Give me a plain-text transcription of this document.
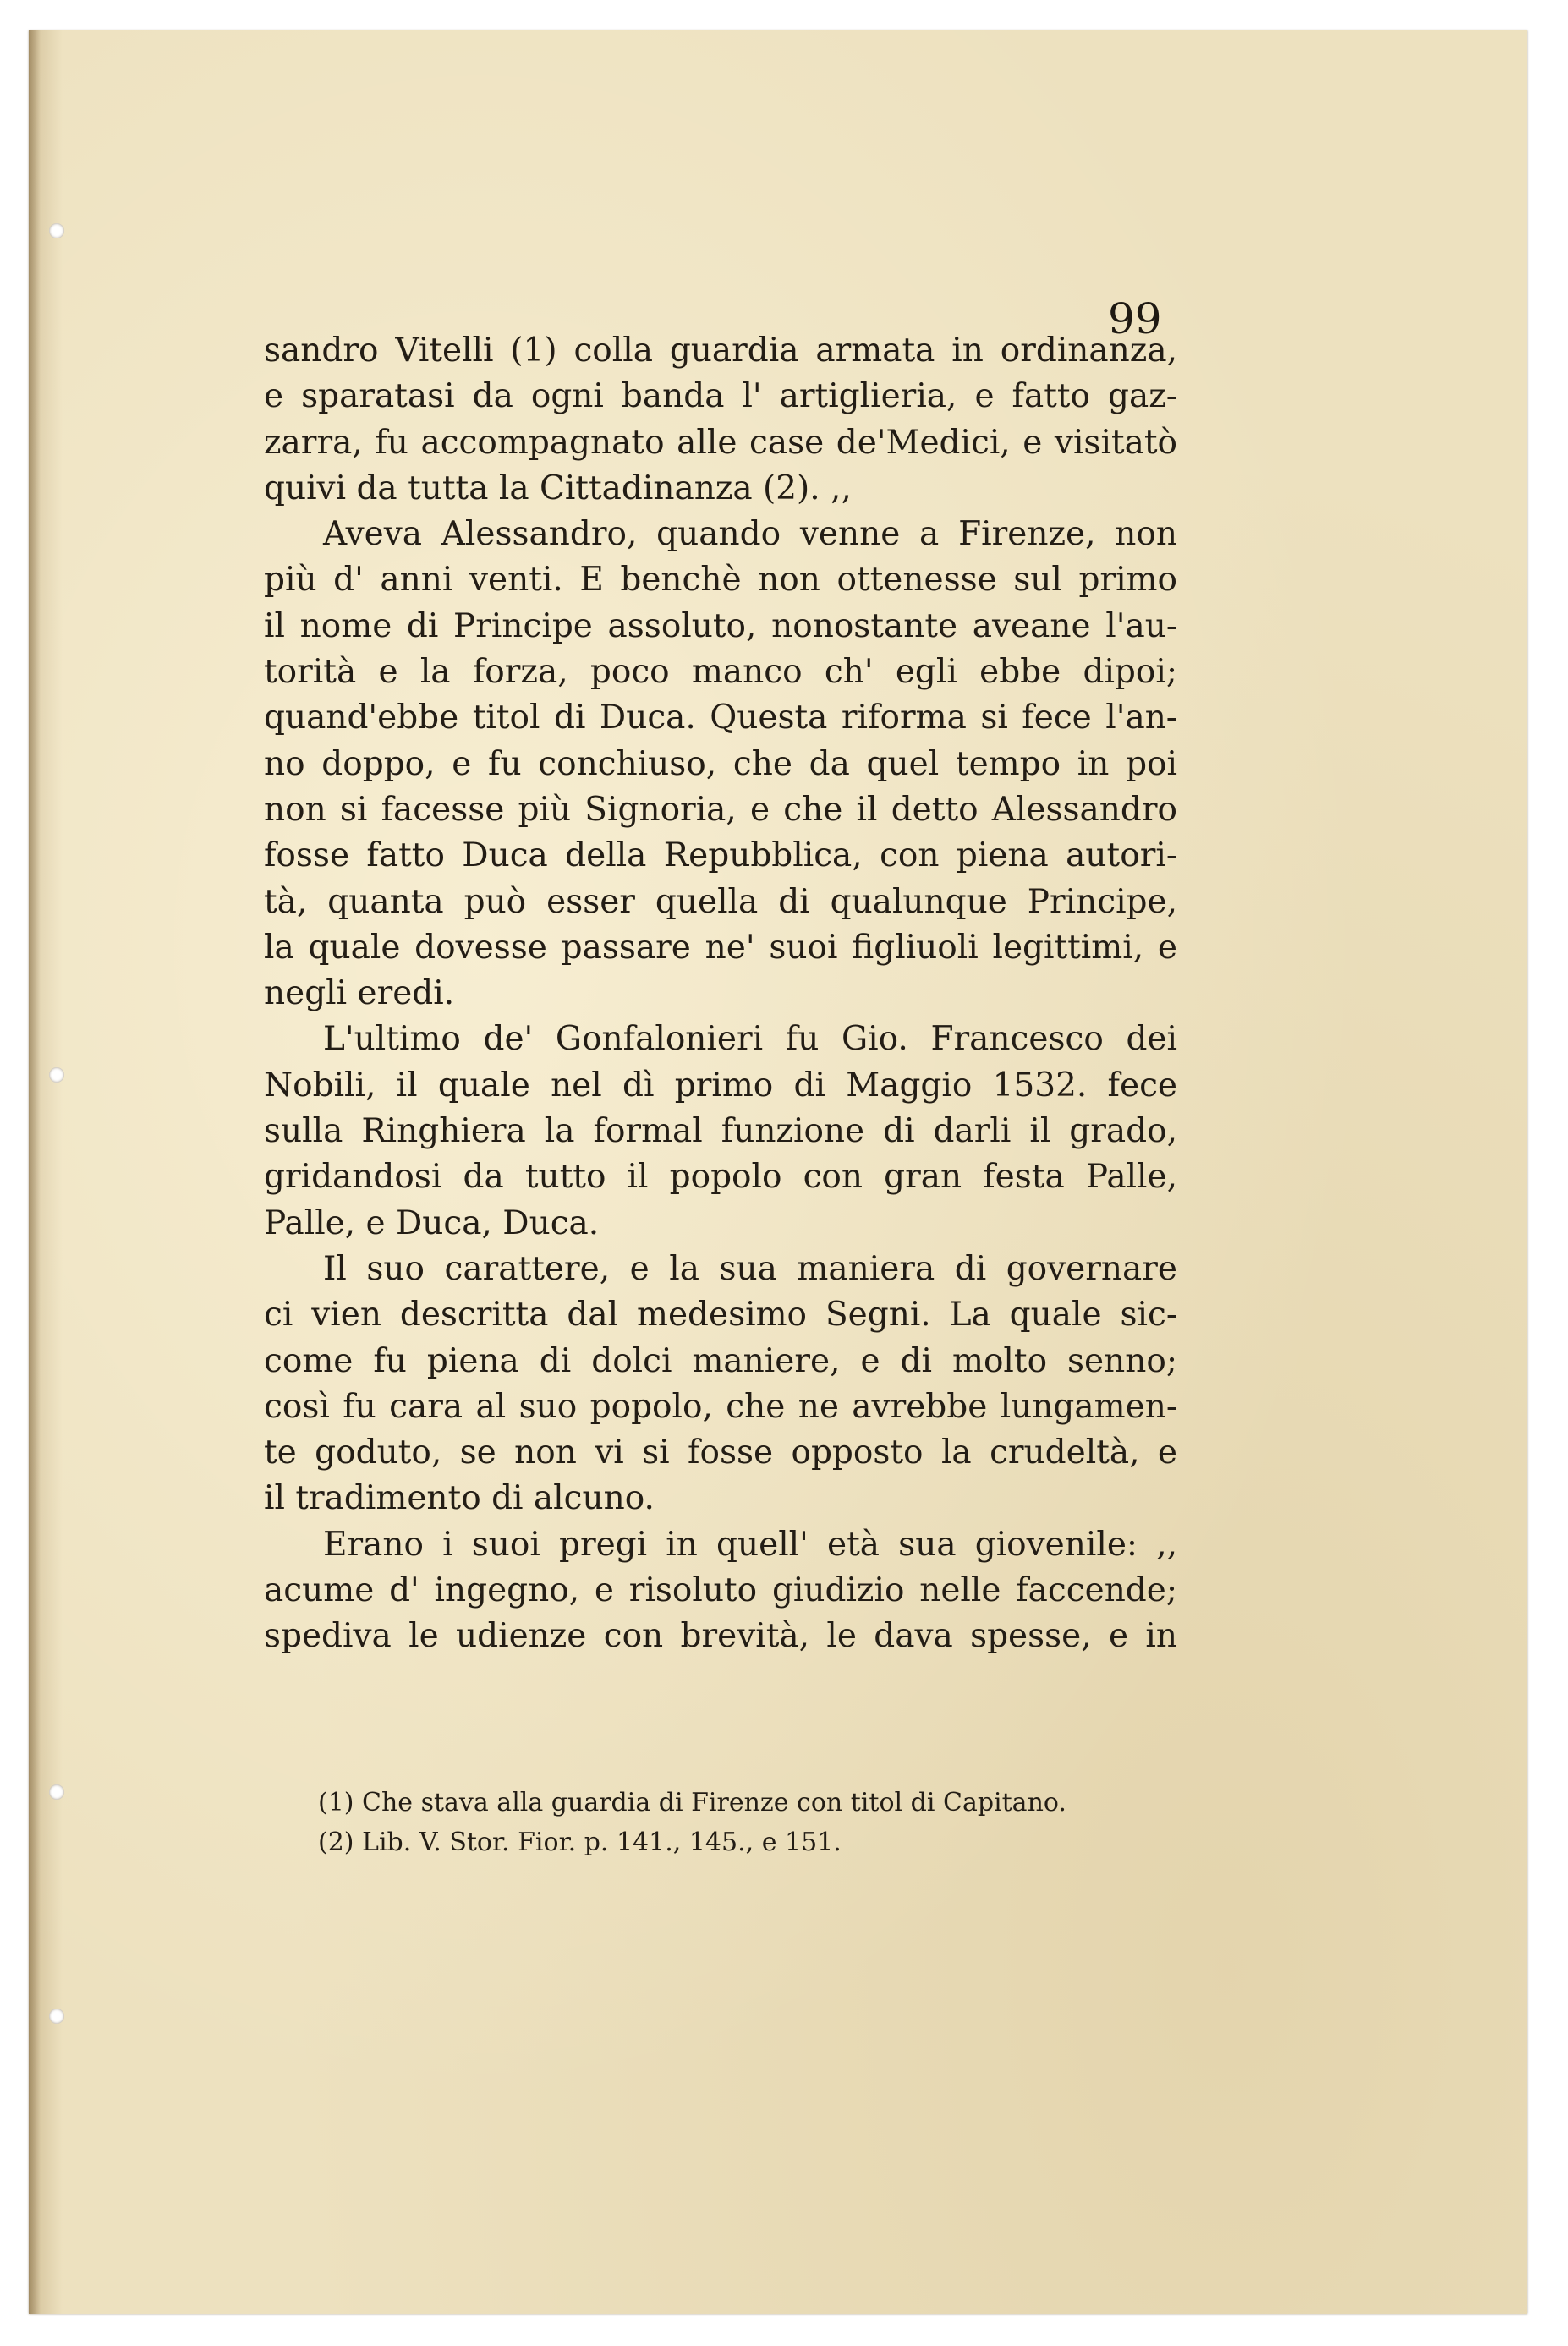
99

sandro Vitelli (1) colla guardia armata in ordinanza,
e sparatasi da ogni banda l' artiglieria, e fatto gaz-
zarra, fu accompagnato alle case de'Medici, e visitatò
quivi da tutta la Cittadinanza (2). ,,

Aveva Alessandro, quando venne a Firenze, non
più d' anni venti. E benchè non ottenesse sul primo
il nome di Principe assoluto, nonostante aveane l'au-
torità e la forza, poco manco ch' egli ebbe dipoi;
quand'ebbe titol di Duca. Questa riforma si fece l'an-
no doppo, e fu conchiuso, che da quel tempo in poi
non si facesse più Signoria, e che il detto Alessandro
fosse fatto Duca della Repubblica, con piena autori-
tà, quanta può esser quella di qualunque Principe,
la quale dovesse passare ne' suoi figliuoli legittimi, e
negli eredi.

L'ultimo de' Gonfalonieri fu Gio. Francesco dei
Nobili, il quale nel dì primo di Maggio 1532. fece
sulla Ringhiera la formal funzione di darli il grado,
gridandosi da tutto il popolo con gran festa Palle,
Palle, e Duca, Duca.

Il suo carattere, e la sua maniera di governare
ci vien descritta dal medesimo Segni. La quale sic-
come fu piena di dolci maniere, e di molto senno;
così fu cara al suo popolo, che ne avrebbe lungamen-
te goduto, se non vi si fosse opposto la crudeltà, e
il tradimento di alcuno.

Erano i suoi pregi in quell' età sua giovenile: ,,
acume d' ingegno, e risoluto giudizio nelle faccende;
spediva le udienze con brevità, le dava spesse, e in

(1) Che stava alla guardia di Firenze con titol di Capitano.
(2) Lib. V. Stor. Fior. p. 141., 145., e 151.
